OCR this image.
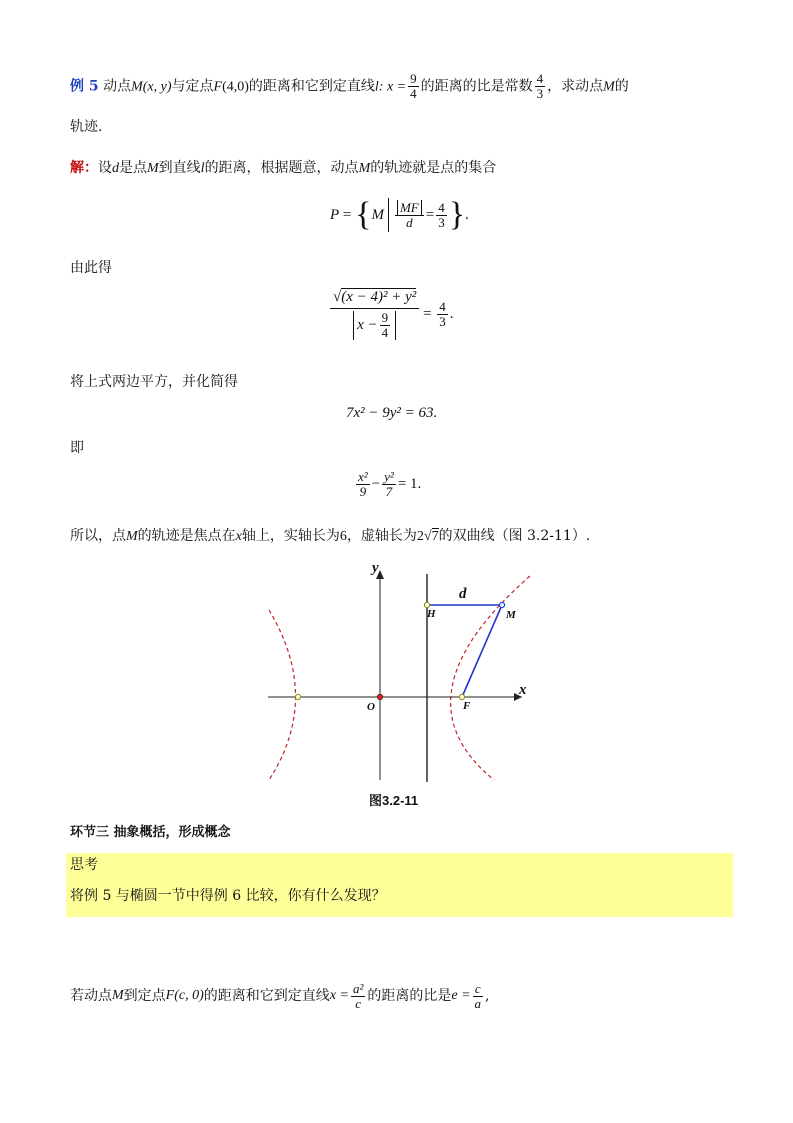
例 5 动点M(x, y)与定点F(4,0)的距离和它到定直线l: $x = \frac{9}{4}$ 的距离的比是常数 $\frac{4}{3}$ ，求动点M的
轨迹.
解：设d是点M到直线l的距离，根据题意，动点M的轨迹就是点的集合
P
=
{ M $\frac{MF}{d} = \frac{4}{3}$ } .
由此得
$\frac{\text{√(x − 4)² + y²}}{x - \frac{9}{4}}$
=
$\frac{4}{3}$ .
将上式两边平方，并化简得
7x² − 9y² = 63.
即
$\frac{\text{x²}}{9} - \frac{\text{y²}}{7} = 1$.
所以，点M的轨迹是焦点在x轴上，实轴长为6，虚轴长为2√7的双曲线（图 3.2-11）.
y
x
O	F
H	M
d
图3.2-11
环节三 抽象概括，形成概念
思考
将例 5 与椭圆一节中得例 6 比较，你有什么发现？
若动点 M 到定点 F (c, 0) 的距离和它到定直线 $x = \frac{\text{a²}}{c}$ 的距离的比是 $e = \frac{c}{a}$ ,
